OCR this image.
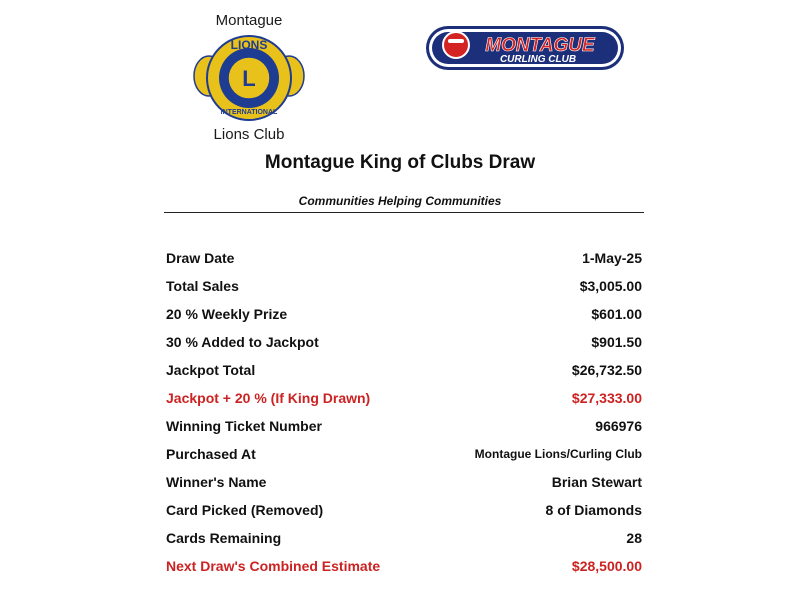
Montague
LIONS
L
INTERNATIONAL
Lions Club
MONTAGUE
CURLING CLUB
Montague King of Clubs Draw
Communities Helping Communities
Draw Date	1-May-25
Total Sales	$3,005.00
20 % Weekly Prize	$601.00
30 % Added to Jackpot	$901.50
Jackpot Total	$26,732.50
Jackpot + 20 % (If King Drawn)	$27,333.00
Winning Ticket Number	966976
Purchased At	Montague Lions/Curling Club
Winner's Name	Brian Stewart
Card Picked (Removed)	8 of Diamonds
Cards Remaining	28
Next Draw's Combined Estimate	$28,500.00
